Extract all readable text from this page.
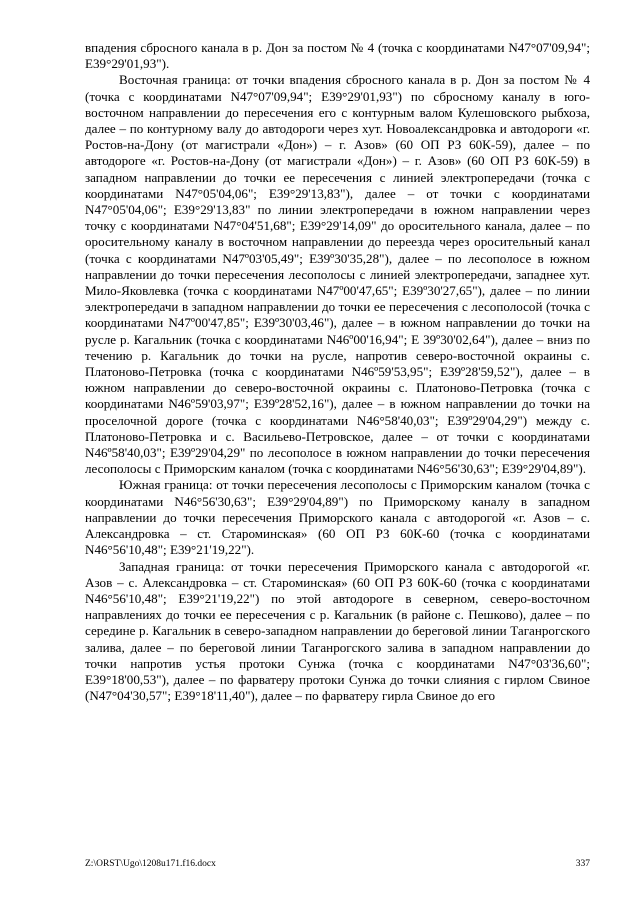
впадения сбросного канала в р. Дон за постом № 4 (точка с координатами N47°07'09,94"; E39°29'01,93").

Восточная граница: от точки впадения сбросного канала в р. Дон за постом № 4 (точка с координатами N47°07'09,94"; E39°29'01,93") по сбросному каналу в юго-восточном направлении до пересечения его с контурным валом Кулешовского рыбхоза, далее – по контурному валу до автодороги через хут. Новоалександровка и автодороги «г. Ростов-на-Дону (от магистрали «Дон») – г. Азов» (60 ОП РЗ 60К-59), далее – по автодороге «г. Ростов-на-Дону (от магистрали «Дон») – г. Азов» (60 ОП РЗ 60К-59) в западном направлении до точки ее пересечения с линией электропередачи (точка с координатами N47°05'04,06"; E39°29'13,83"), далее – от точки с координатами N47°05'04,06"; E39°29'13,83" по линии электропередачи в южном направлении через точку с координатами N47°04'51,68"; E39°29'14,09" до оросительного канала, далее – по оросительному каналу в восточном направлении до переезда через оросительный канал (точка с координатами N47º03'05,49"; E39º30'35,28"), далее – по лесополосе в южном направлении до точки пересечения лесополосы с линией электропередачи, западнее хут. Мило-Яковлевка (точка с координатами N47º00'47,65"; E39º30'27,65"), далее – по линии электропередачи в западном направлении до точки ее пересечения с лесополосой (точка с координатами N47º00'47,85"; E39º30'03,46"), далее – в южном направлении до точки на русле р. Кагальник (точка с координатами N46º00'16,94"; E 39º30'02,64"), далее – вниз по течению р. Кагальник до точки на русле, напротив северо-восточной окраины с. Платоново-Петровка (точка с координатами N46º59'53,95"; E39º28'59,52"), далее – в южном направлении до северо-восточной окраины с. Платоново-Петровка (точка с координатами N46º59'03,97"; E39º28'52,16"), далее – в южном направлении до точки на проселочной дороге (точка с координатами N46°58'40,03"; E39º29'04,29") между с. Платоново-Петровка и с. Васильево-Петровское, далее – от точки с координатами N46º58'40,03"; E39º29'04,29" по лесополосе в южном направлении до точки пересечения лесополосы с Приморским каналом (точка с координатами N46°56'30,63"; E39°29'04,89").

Южная граница: от точки пересечения лесополосы с Приморским каналом (точка с координатами N46°56'30,63"; E39°29'04,89") по Приморскому каналу в западном направлении до точки пересечения Приморского канала с автодорогой «г. Азов – с. Александровка – ст. Староминская» (60 ОП РЗ 60К-60 (точка с координатами N46°56'10,48"; E39°21'19,22").

Западная граница: от точки пересечения Приморского канала с автодорогой «г. Азов – с. Александровка – ст. Староминская» (60 ОП РЗ 60К-60 (точка с координатами N46°56'10,48"; E39°21'19,22") по этой автодороге в северном, северо-восточном направлениях до точки ее пересечения с р. Кагальник (в районе с. Пешково), далее – по середине р. Кагальник в северо-западном направлении до береговой линии Таганрогского залива, далее – по береговой линии Таганрогского залива в западном направлении до точки напротив устья протоки Сунжа (точка с координатами N47°03'36,60"; E39°18'00,53"), далее – по фарватеру протоки Сунжа до точки слияния с гирлом Свиное (N47°04'30,57"; E39°18'11,40"), далее – по фарватеру гирла Свиное до его

Z:\ORST\Ugo\1208u171.f16.docx	337
